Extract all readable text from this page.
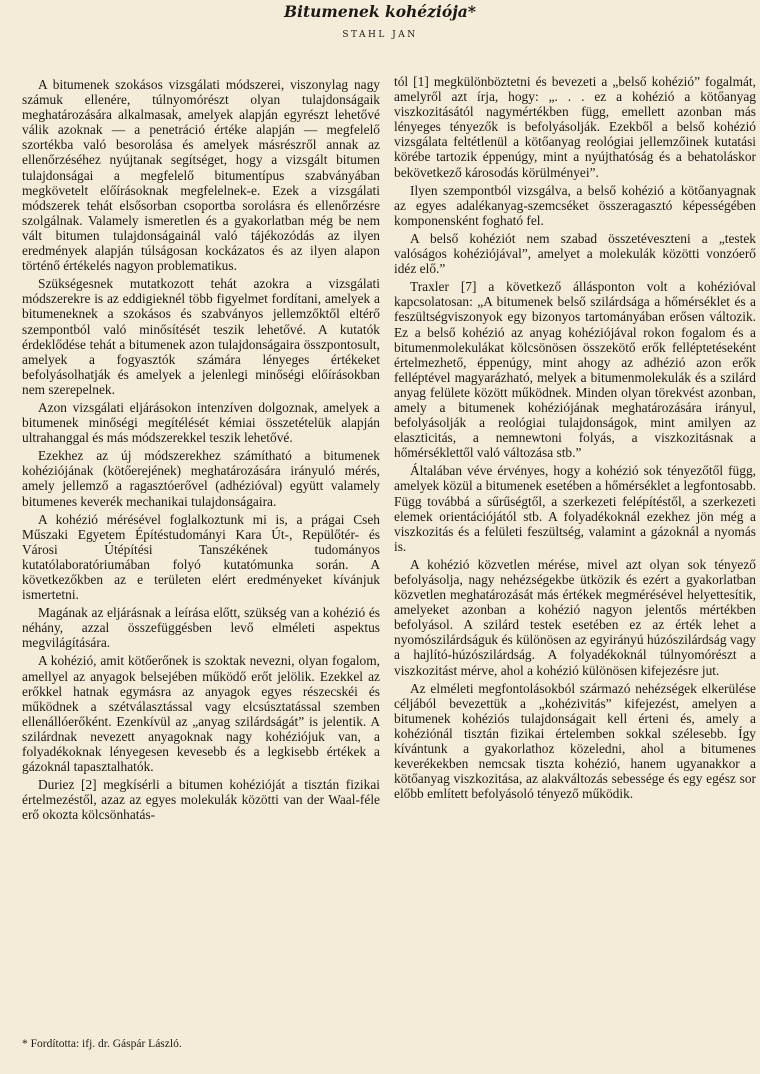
Bitumenek kohéziója*
STAHL JAN

A bitumenek szokásos vizsgálati módszerei, viszonylag nagy számuk ellenére, túlnyomórészt olyan tulajdonságaik meghatározására alkalmasak, amelyek alapján egyrészt lehetővé válik azoknak — a penetráció értéke alapján — megfelelő szortékba való besorolása és amelyek másrészről annak az ellenőrzéséhez nyújtanak segítséget, hogy a vizsgált bitumen tulajdonságai a megfelelő bitumentípus szabványában megkövetelt előírásoknak megfelelnek-e. Ezek a vizsgálati módszerek tehát elsősorban csoportba sorolásra és ellenőrzésre szolgálnak. Valamely ismeretlen és a gyakorlatban még be nem vált bitumen tulajdonságainál való tájékozódás az ilyen eredmények alapján túlságosan kockázatos és az ilyen alapon történő értékelés nagyon problematikus.

Szükségesnek mutatkozott tehát azokra a vizsgálati módszerekre is az eddigieknél több figyelmet fordítani, amelyek a bitumeneknek a szokásos és szabványos jellemzőktől eltérő szempontból való minősítését teszik lehetővé. A kutatók érdeklődése tehát a bitumenek azon tulajdonságaira összpontosult, amelyek a fogyasztók számára lényeges értékeket befolyásolhatják és amelyek a jelenlegi minőségi előírásokban nem szerepelnek.

Azon vizsgálati eljárásokon intenzíven dolgoznak, amelyek a bitumenek minőségi megítélését kémiai összetételük alapján ultrahanggal és más módszerekkel teszik lehetővé.

Ezekhez az új módszerekhez számítható a bitumenek kohéziójának (kötőerejének) meghatározására irányuló mérés, amely jellemző a ragasztóerővel (adhézióval) együtt valamely bitumenes keverék mechanikai tulajdonságaira.

A kohézió mérésével foglalkoztunk mi is, a prágai Cseh Műszaki Egyetem Építéstudományi Kara Út-, Repülőtér- és Városi Útépítési Tanszékének tudományos kutatólaboratóriumában folyó kutatómunka során. A következőkben az e területen elért eredményeket kívánjuk ismertetni.

Magának az eljárásnak a leírása előtt, szükség van a kohézió és néhány, azzal összefüggésben levő elméleti aspektus megvilágítására.

A kohézió, amit kötőerőnek is szoktak nevezni, olyan fogalom, amellyel az anyagok belsejében működő erőt jelölik. Ezekkel az erőkkel hatnak egymásra az anyagok egyes részecskéi és működnek a szétválasztással vagy elcsúsztatással szemben ellenállóerőként. Ezenkívül az „anyag szilárdságát” is jelentik. A szilárdnak nevezett anyagoknak nagy kohéziójuk van, a folyadékoknak lényegesen kevesebb és a legkisebb értékek a gázoknál tapasztalhatók.

Duriez [2] megkísérli a bitumen kohézióját a tisztán fizikai értelmezéstől, azaz az egyes molekulák közötti van der Waal-féle erő okozta kölcsönhatás-

tól [1] megkülönböztetni és bevezeti a „belső kohézió” fogalmát, amelyről azt írja, hogy: „. . . ez a kohézió a kötőanyag viszkozitásától nagymértékben függ, emellett azonban más lényeges tényezők is befolyásolják. Ezekből a belső kohézió vizsgálata feltétlenül a kötőanyag reológiai jellemzőinek kutatási körébe tartozik éppenúgy, mint a nyújthatóság és a behatoláskor bekövetkező károsodás körülményei”.

Ilyen szempontból vizsgálva, a belső kohézió a kötőanyagnak az egyes adalékanyag-szemcséket összeragasztó képességében komponensként fogható fel.

A belső kohéziót nem szabad összetéveszteni a „testek valóságos kohéziójával”, amelyet a molekulák közötti vonzóerő idéz elő.”

Traxler [7] a következő állásponton volt a kohézióval kapcsolatosan: „A bitumenek belső szilárdsága a hőmérséklet és a feszültségviszonyok egy bizonyos tartományában erősen változik. Ez a belső kohézió az anyag kohéziójával rokon fogalom és a bitumenmolekulákat kölcsönösen összekötő erők felléptetéseként értelmezhető, éppenúgy, mint ahogy az adhézió azon erők felléptével magyarázható, melyek a bitumenmolekulák és a szilárd anyag felülete között működnek. Minden olyan törekvést azonban, amely a bitumenek kohéziójának meghatározására irányul, befolyásolják a reológiai tulajdonságok, mint amilyen az elaszticitás, a nemnewtoni folyás, a viszkozitásnak a hőmérséklettől való változása stb.”

Általában véve érvényes, hogy a kohézió sok tényezőtől függ, amelyek közül a bitumenek esetében a hőmérséklet a legfontosabb. Függ továbbá a sűrűségtől, a szerkezeti felépítéstől, a szerkezeti elemek orientációjától stb. A folyadékoknál ezekhez jön még a viszkozitás és a felületi feszültség, valamint a gázoknál a nyomás is.

A kohézió közvetlen mérése, mivel azt olyan sok tényező befolyásolja, nagy nehézségekbe ütközik és ezért a gyakorlatban közvetlen meghatározását más értékek megmérésével helyettesítik, amelyeket azonban a kohézió nagyon jelentős mértékben befolyásol. A szilárd testek esetében ez az érték lehet a nyomószilárdságuk és különösen az egyirányú húzószilárdság vagy a hajlító-húzószilárdság. A folyadékoknál túlnyomórészt a viszkozitást mérve, ahol a kohézió különösen kifejezésre jut.

Az elméleti megfontolásokból származó nehézségek elkerülése céljából bevezettük a „kohézivitás” kifejezést, amelyen a bitumenek kohéziós tulajdonságait kell érteni és, amely a kohéziónál tisztán fizikai értelemben sokkal szélesebb. Így kívántunk a gyakorlathoz közeledni, ahol a bitumenes keverékekben nemcsak tiszta kohézió, hanem ugyanakkor a kötőanyag viszkozitása, az alakváltozás sebessége és egy egész sor előbb említett befolyásoló tényező működik.

* Fordította: ifj. dr. Gáspár László.
